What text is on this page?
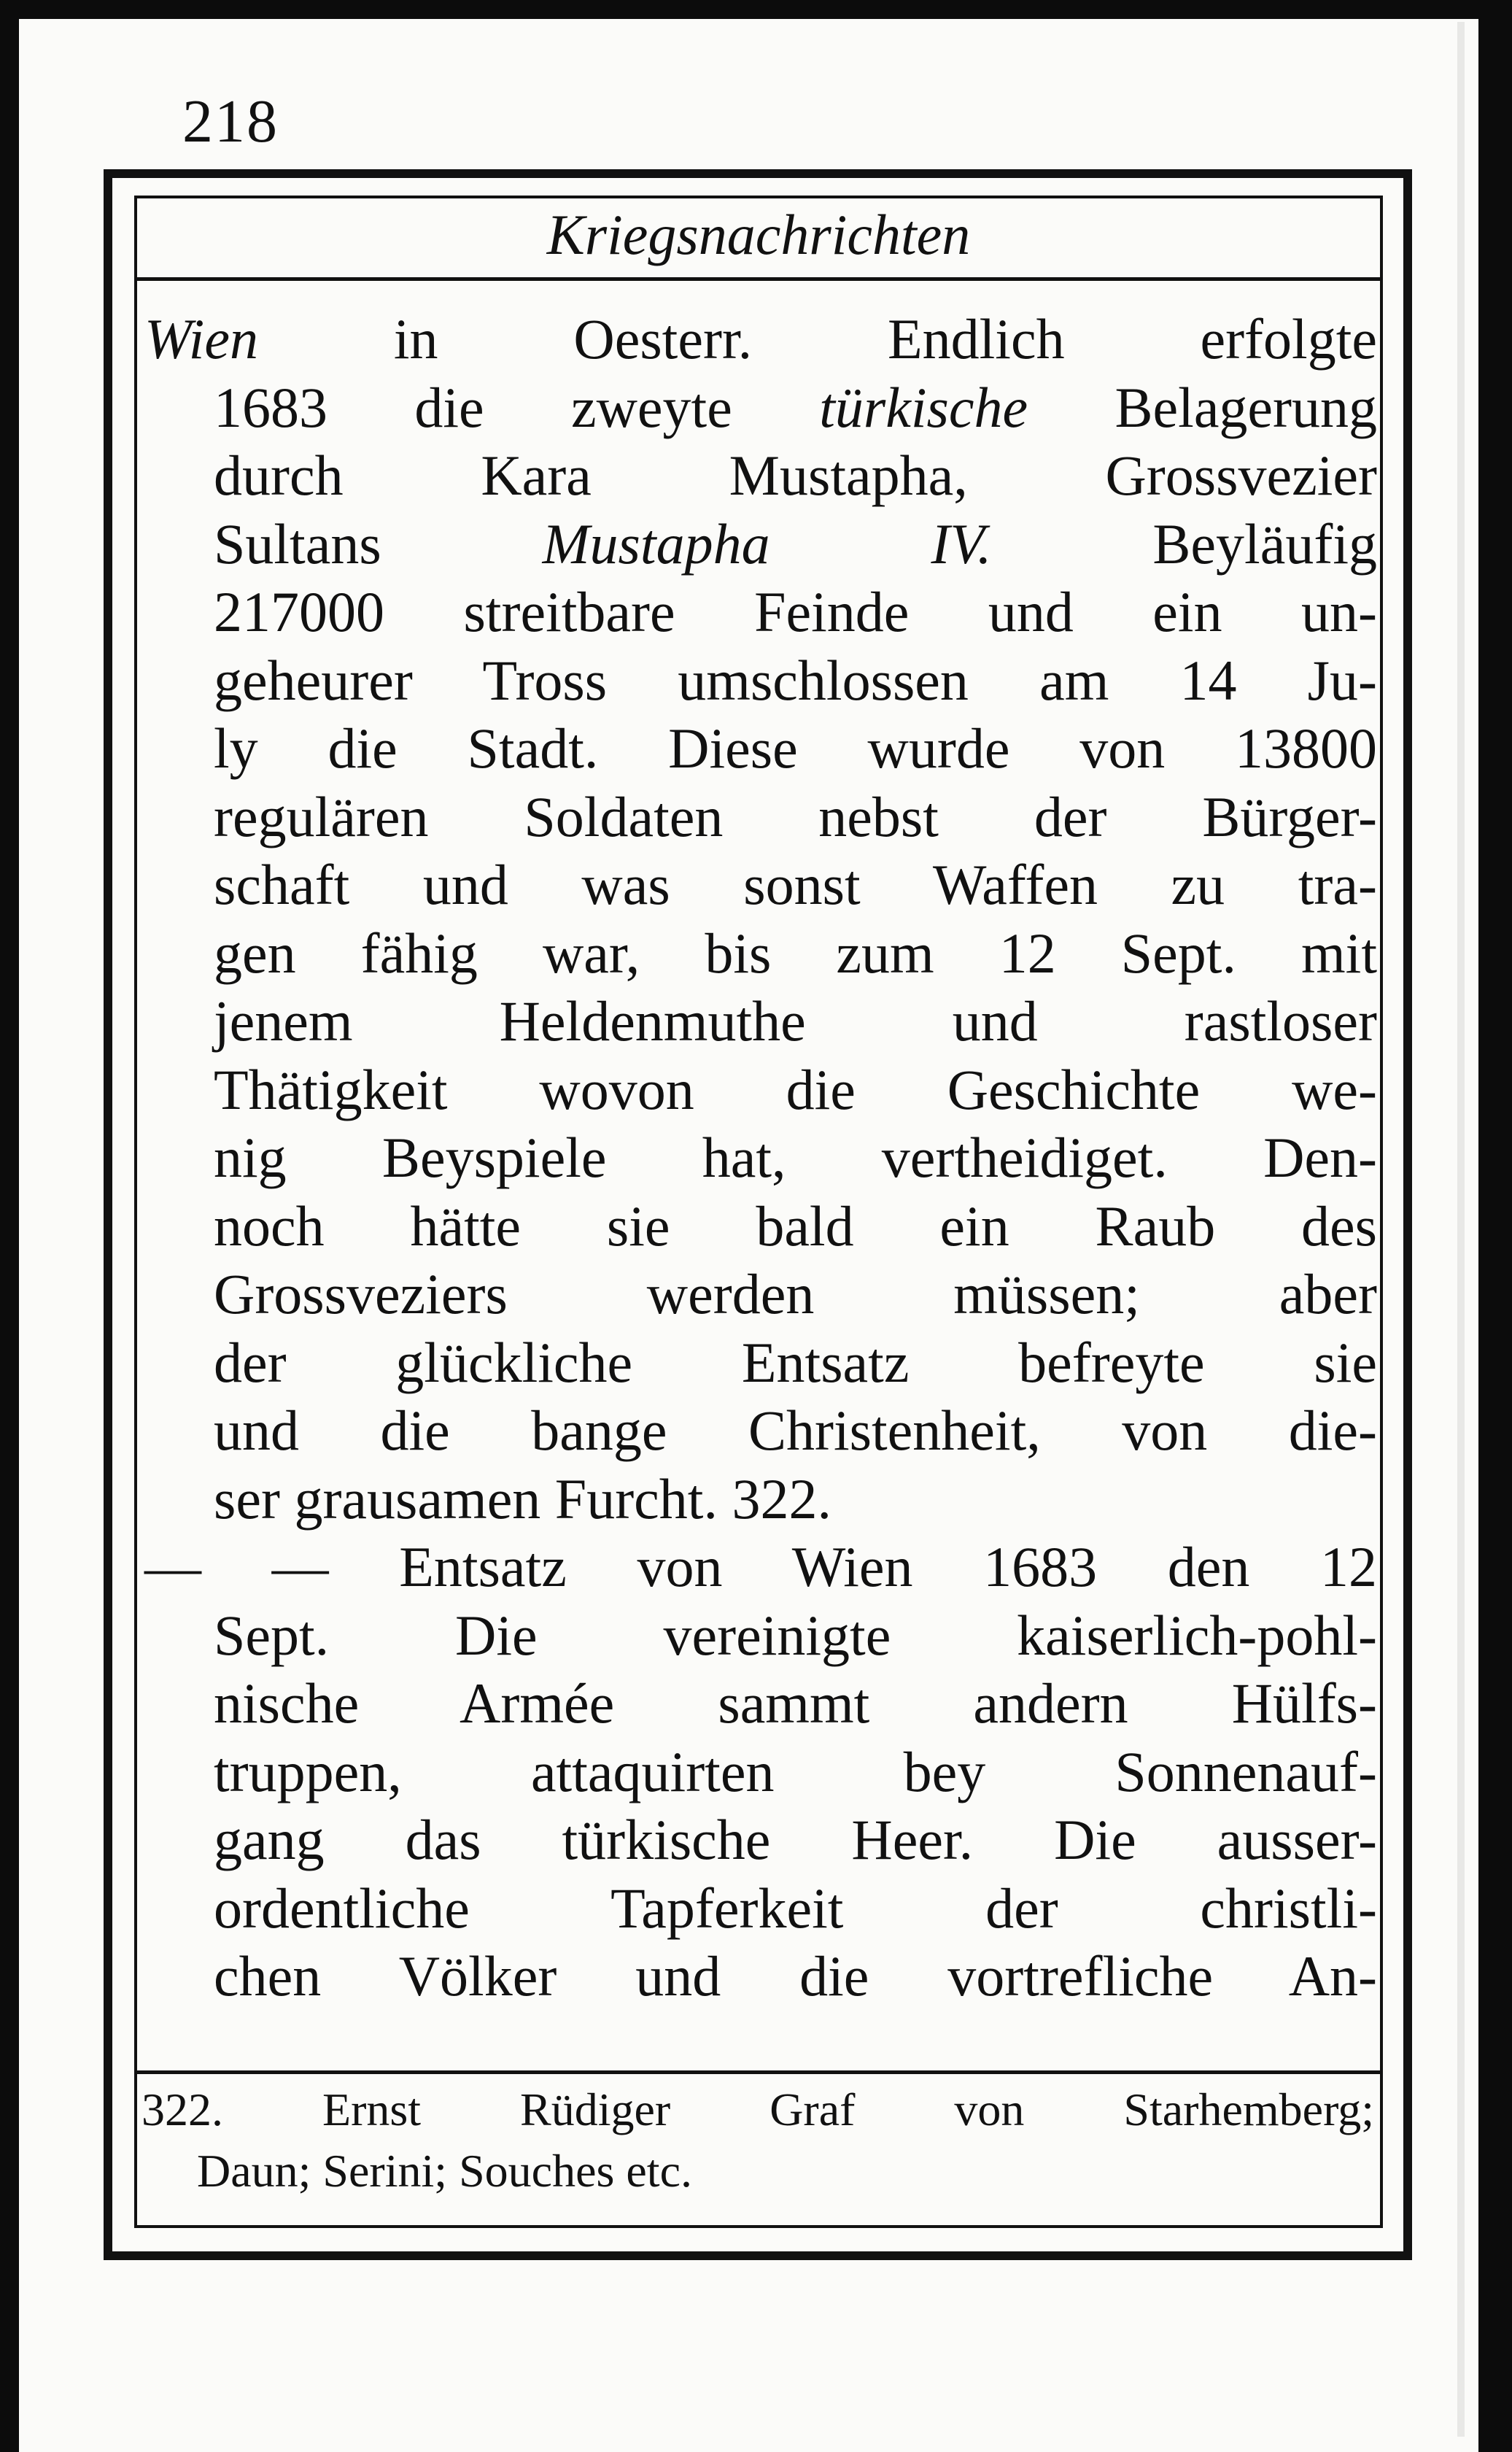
218
Kriegsnachrichten
Wien in Oesterr. Endlich erfolgte
1683 die zweyte türkische Belagerung
durch Kara Mustapha, Grossvezier
Sultans	Mustapha IV.	Beyläufig
217000 streitbare Feinde und ein un-
geheurer Tross umschlossen am 14 Ju-
ly die Stadt. Diese wurde von 13800
regulären Soldaten nebst der Bürger-
schaft und was sonst Waffen zu tra-
gen fähig war, bis zum 12 Sept. mit
jenem Heldenmuthe und rastloser
Thätigkeit wovon die Geschichte we-
nig Beyspiele hat, vertheidiget. Den-
noch hätte sie bald ein Raub des
Grossveziers werden müssen; aber
der glückliche Entsatz befreyte sie
und die bange Christenheit, von die-
ser grausamen Furcht. 322.
— — Entsatz von Wien 1683 den 12
Sept. Die vereinigte kaiserlich-pohl-
nische Armée sammt andern Hülfs-
truppen, attaquirten bey Sonnenauf-
gang das türkische Heer. Die ausser-
ordentliche Tapferkeit der christli-
chen Völker und die vortrefliche An-
322. Ernst Rüdiger Graf von Starhemberg;
Daun; Serini; Souches etc.
